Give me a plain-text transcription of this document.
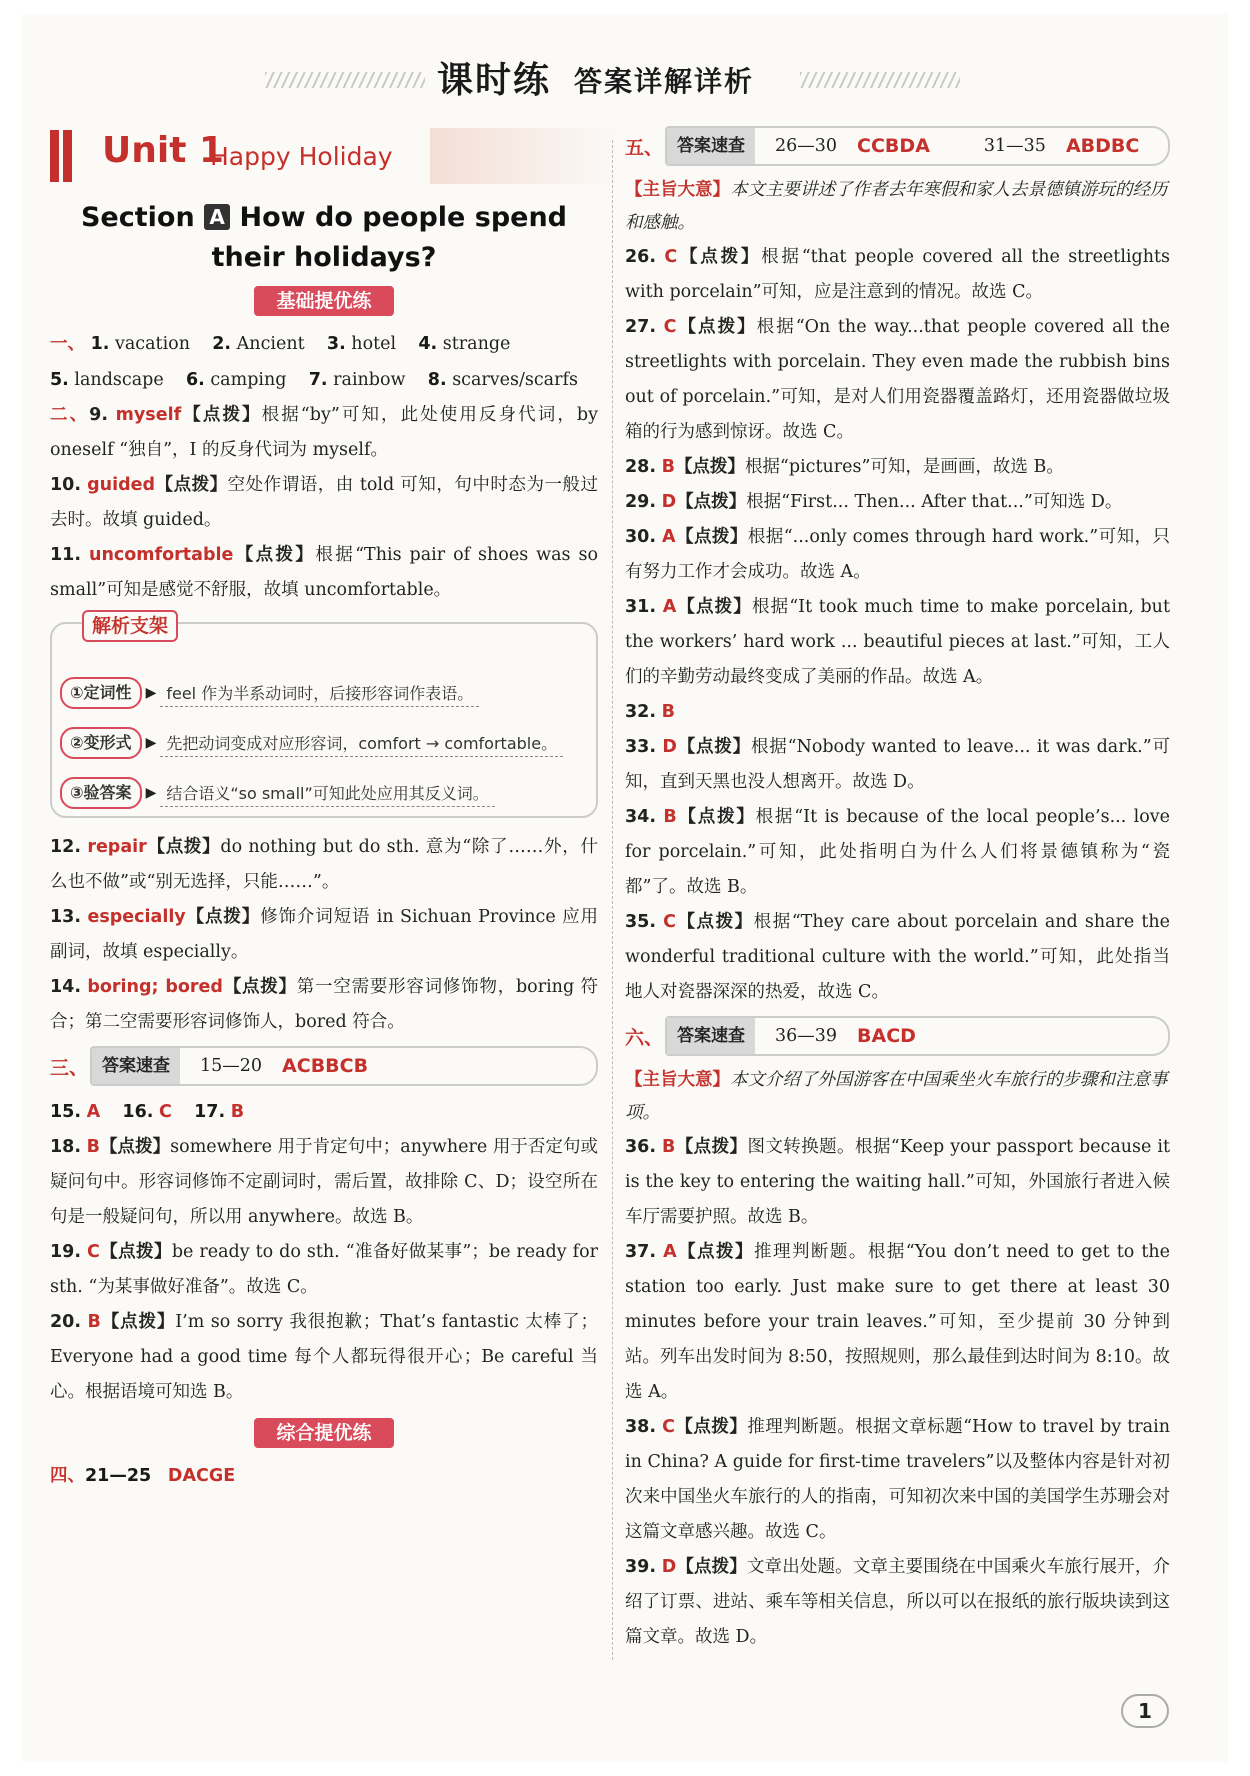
课时练 答案详解详析
Unit 1
Happy Holiday
Section A How do people spend
their holidays?
基础提优练
一、 1. vacation 2. Ancient 3. hotel 4. strange
5. landscape 6. camping 7. rainbow 8. scarves/scarfs
二、9. myself【点拨】根据“by”可知，此处使用反身代词，by oneself “独自”，I 的反身代词为 myself。
10. guided【点拨】空处作谓语，由 told 可知，句中时态为一般过去时。故填 guided。
11. uncomfortable【点拨】根据“This pair of shoes was so small”可知是感觉不舒服，故填 uncomfortable。
解析支架
①定词性	▶ feel 作为半系动词时，后接形容词作表语。
②变形式	▶ 先把动词变成对应形容词，comfort → comfortable。
③验答案	▶ 结合语义“so small”可知此处应用其反义词。
12. repair【点拨】do nothing but do sth. 意为“除了……外，什么也不做”或“别无选择，只能……”。
13. especially【点拨】修饰介词短语 in Sichuan Province 应用副词，故填 especially。
14. boring; bored【点拨】第一空需要形容词修饰物，boring 符合；第二空需要形容词修饰人，bored 符合。
三、 答案速查	15—20 ACBBCB
15. A 16. C 17. B
18. B【点拨】somewhere 用于肯定句中；anywhere 用于否定句或疑问句中。形容词修饰不定副词时，需后置，故排除 C、D；设空所在句是一般疑问句，所以用 anywhere。故选 B。
19. C【点拨】be ready to do sth. “准备好做某事”；be ready for sth. “为某事做好准备”。故选 C。
20. B【点拨】I’m so sorry 我很抱歉；That’s fantastic 太棒了；Everyone had a good time 每个人都玩得很开心；Be careful 当心。根据语境可知选 B。
综合提优练
四、21—25 DACGE
五、 答案速查	26—30 CCBDA	31—35 ABDBC
【主旨大意】本文主要讲述了作者去年寒假和家人去景德镇游玩的经历和感触。
26. C【点拨】根据“that people covered all the streetlights with porcelain”可知，应是注意到的情况。故选 C。
27. C【点拨】根据“On the way...that people covered all the streetlights with porcelain. They even made the rubbish bins out of porcelain.”可知，是对人们用瓷器覆盖路灯，还用瓷器做垃圾箱的行为感到惊讶。故选 C。
28. B【点拨】根据“pictures”可知，是画画，故选 B。
29. D【点拨】根据“First... Then... After that...”可知选 D。
30. A【点拨】根据“...only comes through hard work.”可知，只有努力工作才会成功。故选 A。
31. A【点拨】根据“It took much time to make porcelain, but the workers’ hard work ... beautiful pieces at last.”可知，工人们的辛勤劳动最终变成了美丽的作品。故选 A。
32. B
33. D【点拨】根据“Nobody wanted to leave... it was dark.”可知，直到天黑也没人想离开。故选 D。
34. B【点拨】根据“It is because of the local people’s... love for porcelain.”可知，此处指明白为什么人们将景德镇称为“瓷都”了。故选 B。
35. C【点拨】根据“They care about porcelain and share the wonderful traditional culture with the world.”可知，此处指当地人对瓷器深深的热爱，故选 C。
六、 答案速查	36—39 BACD
【主旨大意】本文介绍了外国游客在中国乘坐火车旅行的步骤和注意事项。
36. B【点拨】图文转换题。根据“Keep your passport because it is the key to entering the waiting hall.”可知，外国旅行者进入候车厅需要护照。故选 B。
37. A【点拨】推理判断题。根据“You don’t need to get to the station too early. Just make sure to get there at least 30 minutes before your train leaves.”可知，至少提前 30 分钟到站。列车出发时间为 8:50，按照规则，那么最佳到达时间为 8:10。故选 A。
38. C【点拨】推理判断题。根据文章标题“How to travel by train in China? A guide for first-time travelers”以及整体内容是针对初次来中国坐火车旅行的人的指南，可知初次来中国的美国学生苏珊会对这篇文章感兴趣。故选 C。
39. D【点拨】文章出处题。文章主要围绕在中国乘火车旅行展开，介绍了订票、进站、乘车等相关信息，所以可以在报纸的旅行版块读到这篇文章。故选 D。
1
